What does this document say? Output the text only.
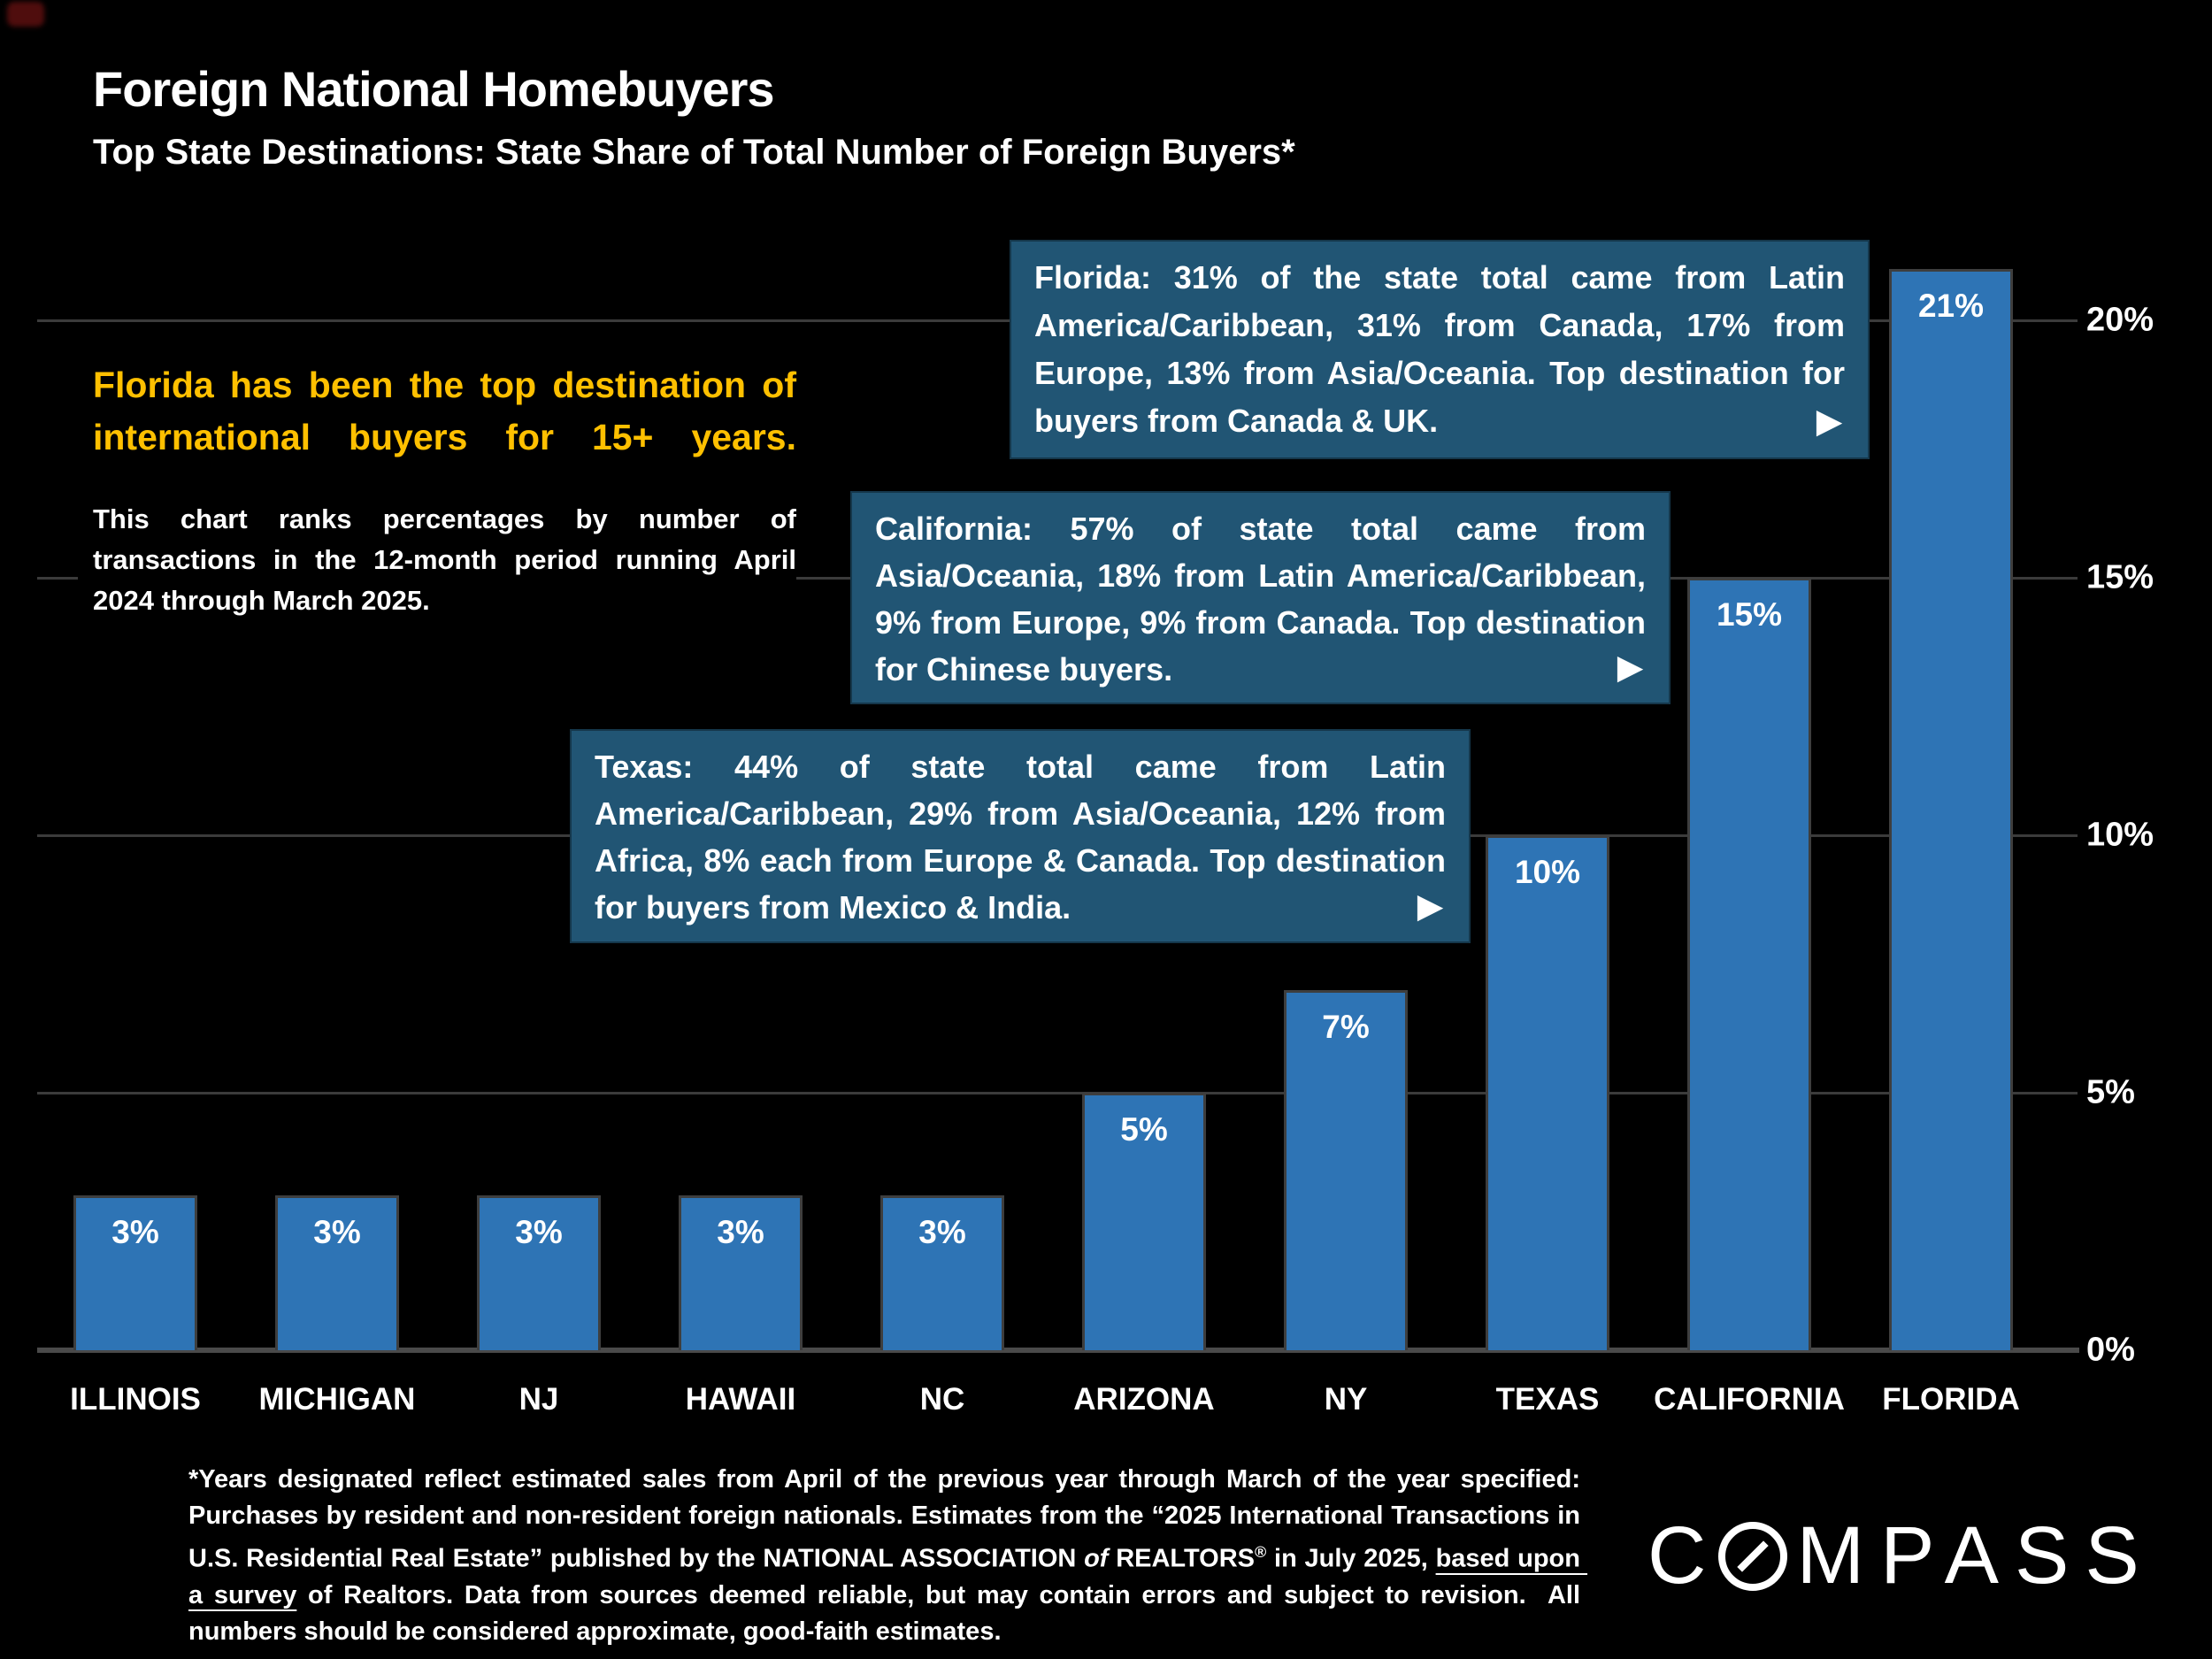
Foreign National Homebuyers
Top State Destinations: State Share of Total Number of Foreign Buyers*
Florida has been the top destination of international buyers for 15+ years.
This chart ranks percentages by number of transactions in the 12-month period running April 2024 through March 2025.
Florida: 31% of the state total came from Latin America/Caribbean, 31% from Canada, 17% from Europe, 13% from Asia/Oceania. Top destination for buyers from Canada & UK.	▶
California: 57% of state total came from Asia/Oceania, 18% from Latin America/Caribbean, 9% from Europe, 9% from Canada. Top destination for Chinese buyers.	▶
Texas: 44% of state total came from Latin America/Caribbean, 29% from Asia/Oceania, 12% from Africa, 8% each from Europe & Canada. Top destination for buyers from Mexico & India.	▶
0%
5%
10%
15%
20%
3%
ILLINOIS
3%
MICHIGAN
3%
NJ
3%
HAWAII
3%
NC
5%
ARIZONA
7%
NY
10%
TEXAS
15%
CALIFORNIA
21%
FLORIDA
*Years designated reflect estimated sales from April of the previous year through March of the year specified: Purchases by resident and non-resident foreign nationals. Estimates from the “2025 International Transactions in U.S. Residential Real Estate” published by the NATIONAL ASSOCIATION of REALTORS® in July 2025, based upon a survey of Realtors. Data from sources deemed reliable, but may contain errors and subject to revision.  All numbers should be considered approximate, good-faith estimates.
C MPASS
